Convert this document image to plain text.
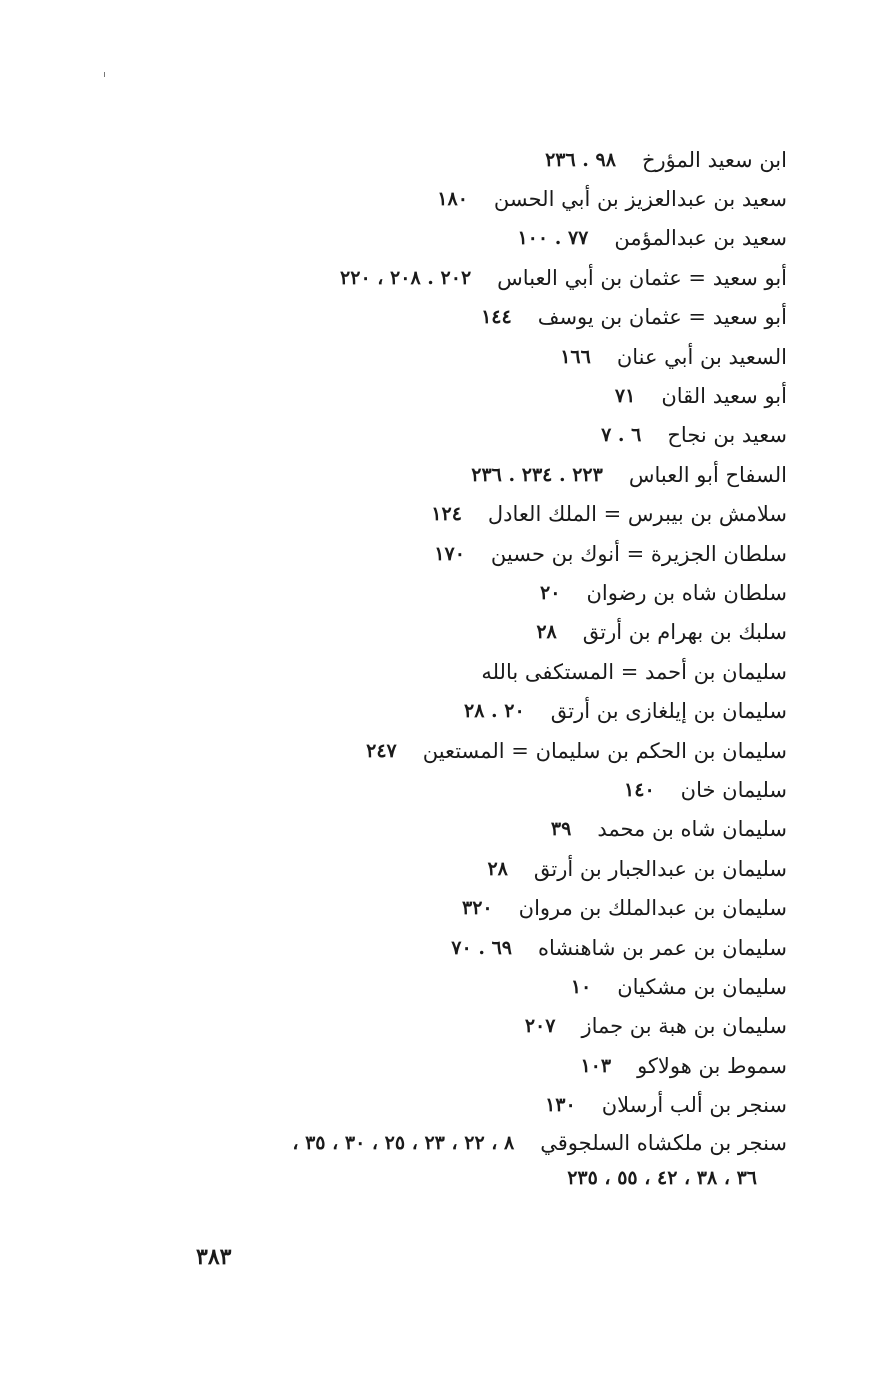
ابن سعيد المؤرخ
٩٨ . ٢٣٦
سعيد بن عبدالعزيز بن أبي الحسن
١٨٠
سعيد بن عبدالمؤمن
٧٧ . ١٠٠
أبو سعيد = عثمان بن أبي العباس
٢٠٢ . ٢٠٨ ، ٢٢٠
أبو سعيد = عثمان بن يوسف
١٤٤
السعيد بن أبي عنان
١٦٦
أبو سعيد القان
٧١
سعيد بن نجاح
٦ . ٧
السفاح أبو العباس
٢٢٣ . ٢٣٤ . ٢٣٦
سلامش بن بيبرس = الملك العادل
١٢٤
سلطان الجزيرة = أنوك بن حسين
١٧٠
سلطان شاه بن رضوان
٢٠
سلبك بن بهرام بن أرتق
٢٨
سليمان بن أحمد = المستكفى بالله
سليمان بن إيلغازى بن أرتق
٢٠ . ٢٨
سليمان بن الحكم بن سليمان = المستعين
٢٤٧
سليمان خان
١٤٠
سليمان شاه بن محمد
٣٩
سليمان بن عبدالجبار بن أرتق
٢٨
سليمان بن عبدالملك بن مروان
٣٢٠
سليمان بن عمر بن شاهنشاه
٦٩ . ٧٠
سليمان بن مشكيان
١٠
سليمان بن هبة بن جماز
٢٠٧
سموط بن هولاكو
١٠٣
سنجر بن ألب أرسلان
١٣٠
سنجر بن ملكشاه السلجوقي
٨ ، ٢٢ ، ٢٣ ، ٢٥ ، ٣٠ ، ٣٥ ،
٣٦ ، ٣٨ ، ٤٢ ، ٥٥ ، ٢٣٥
٣٨٣
